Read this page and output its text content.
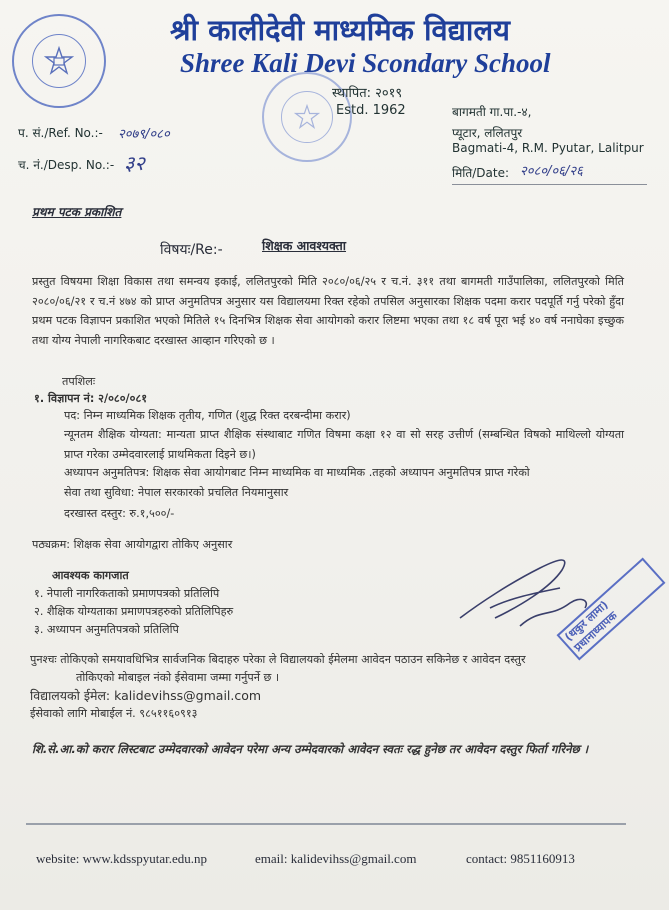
श्री कालीदेवी माध्यमिक विद्यालय
Shree Kali Devi Scondary School
स्थापित: २०१९
Estd. 1962	बागमती गा.पा.-४,
प्यूटार, ललितपुर
Bagmati-4, R.M. Pyutar, Lalitpur
प. सं./Ref. No.:- २०७९/०८०
च. नं./Desp. No.:- ३२	मिति/Date: २०८०/०६/२६
प्रथम पटक प्रकाशित
विषयः/Re:-	शिक्षक आवश्यक्ता
प्रस्तुत विषयमा शिक्षा विकास तथा समन्वय इकाई, ललितपुरको मिति २०८०/०६/२५ र च.नं. ३११ तथा बागमती गाउँपालिका, ललितपुरको मिति २०८०/०६/२१ र च.नं ४७४ को प्राप्त अनुमतिपत्र अनुसार यस विद्यालयमा रिक्त रहेको तपसिल अनुसारका शिक्षक पदमा करार पदपूर्ति गर्नु परेको हुँदा प्रथम पटक विज्ञापन प्रकाशित भएको मितिले १५ दिनभित्र शिक्षक सेवा आयोगको करार लिष्टमा भएका तथा १८ वर्ष पूरा भई ४० वर्ष ननाघेका इच्छुक तथा योग्य नेपाली नागरिकबाट दरखास्त आव्हान गरिएको छ ।
तपशिलः
१. विज्ञापन नं: २/०८०/०८१
पद: निम्न माध्यमिक शिक्षक तृतीय, गणित (शुद्ध रिक्त दरबन्दीमा करार)
न्यूनतम शैक्षिक योग्यता: मान्यता प्राप्त शैक्षिक संस्थाबाट गणित विषमा कक्षा १२ वा सो सरह उत्तीर्ण (सम्बन्धित विषको माथिल्लो योग्यता प्राप्त गरेका उम्मेदवारलाई प्राथमिकता दिइने छ।)
अध्यापन अनुमतिपत्र: शिक्षक सेवा आयोगबाट निम्न माध्यमिक वा माध्यमिक .तहको अध्यापन अनुमतिपत्र प्राप्त गरेको
सेवा तथा सुविधा: नेपाल सरकारको प्रचलित नियमानुसार
दरखास्त दस्तुर: रु.१,५००/-
पठ्यक्रम: शिक्षक सेवा आयोगद्वारा तोकिए अनुसार
आवश्यक कागजात
१. नेपाली नागरिकताको प्रमाणपत्रको प्रतिलिपि
२. शैक्षिक योग्यताका प्रमाणपत्रहरुको प्रतिलिपिहरु
३. अध्यापन अनुमतिपत्रको प्रतिलिपि	(थकुर लामा) प्रधानाध्यापक
पुनश्चः तोकिएको समयावधिभित्र सार्वजनिक बिदाहरु परेका ले विद्यालयको ईमेलमा आवेदन पठाउन सकिनेछ र आवेदन दस्तुर
तोकिएको मोबाइल नंको ईसेवामा जम्मा गर्नुपर्ने छ ।
विद्यालयको ईमेल: kalidevihss@gmail.com
ईसेवाको लागि मोबाईल नं. ९८५११६०९१३
शि.से.आ.को करार लिस्टबाट उम्मेदवारको आवेदन परेमा अन्य उम्मेदवारको आवेदन स्वतः रद्ध हुनेछ तर आवेदन दस्तुर फिर्ता गरिनेछ ।
website: www.kdsspyutar.edu.np	email: kalidevihss@gmail.com	contact: 9851160913
